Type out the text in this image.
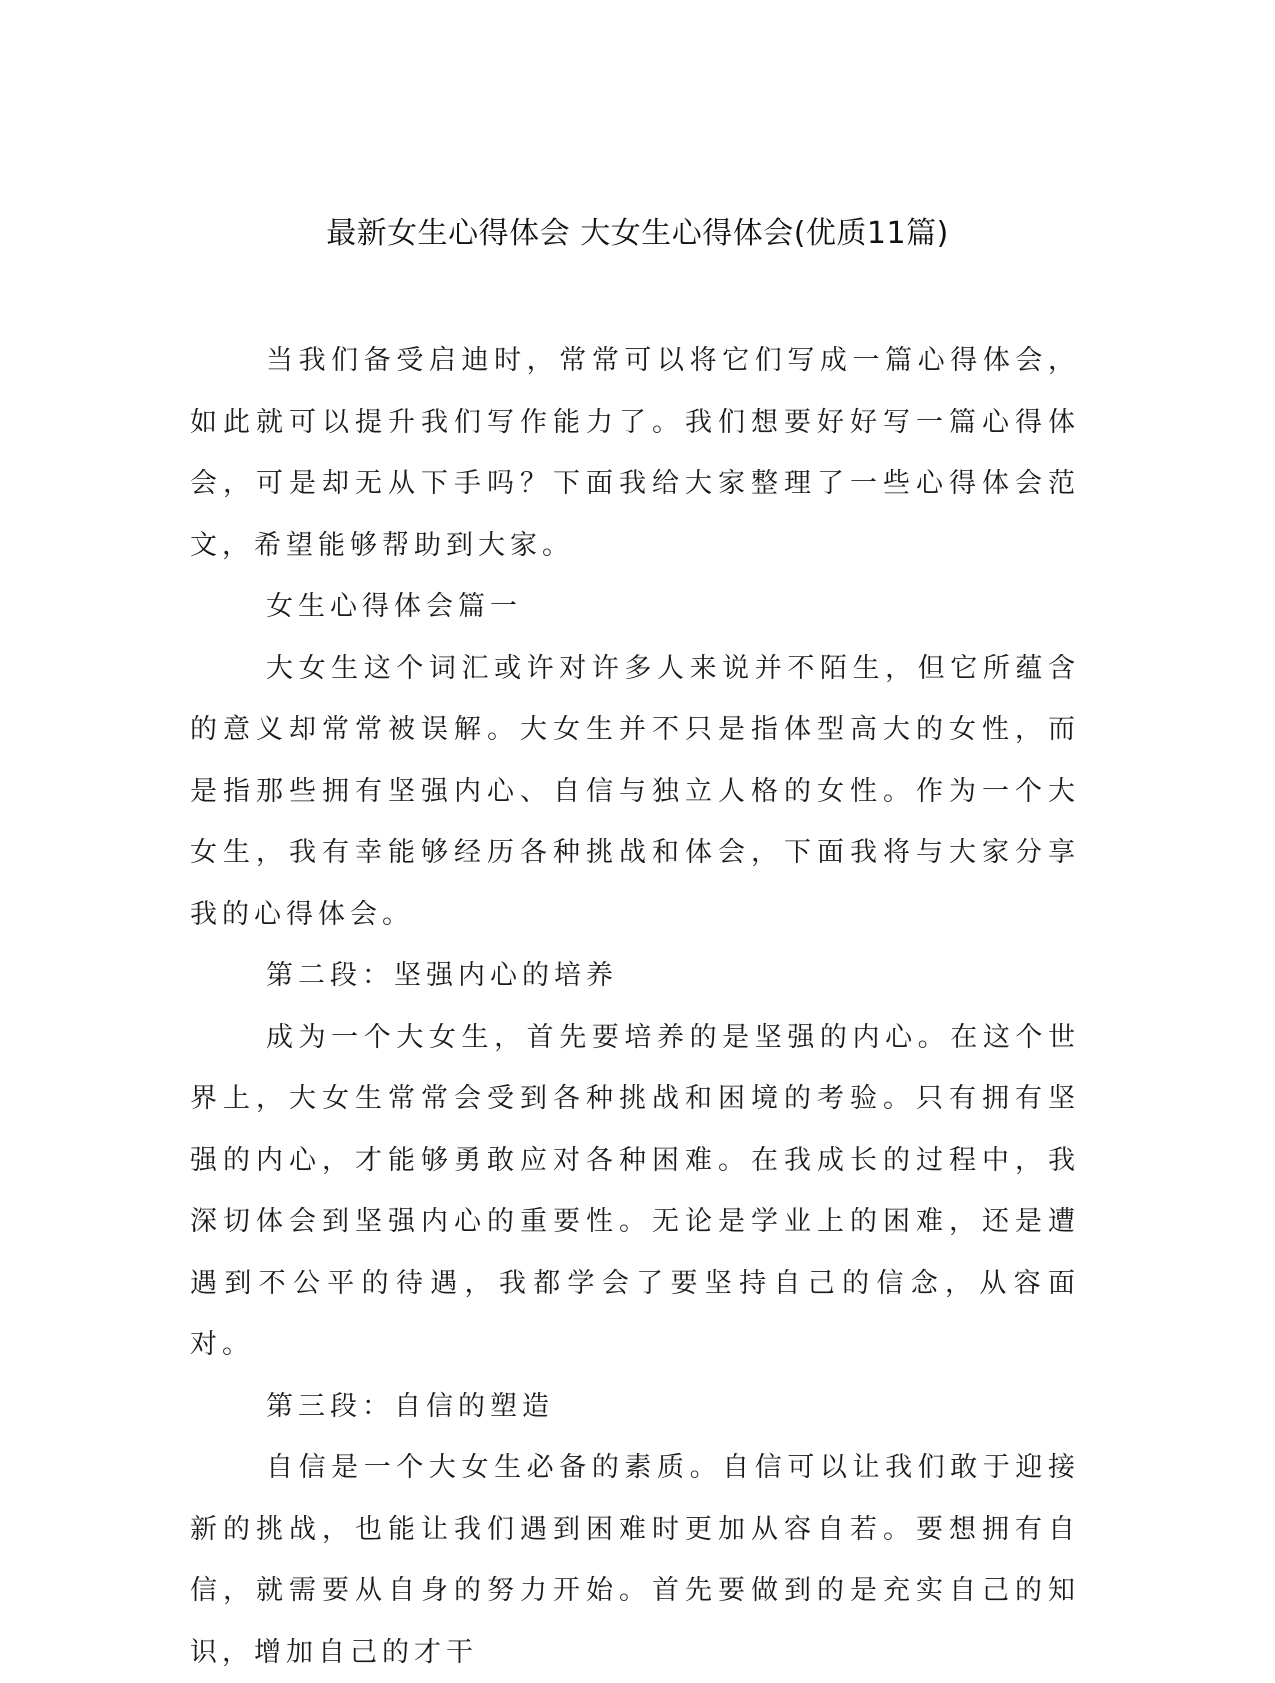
最新女生心得体会 大女生心得体会(优质11篇)

当我们备受启迪时，常常可以将它们写成一篇心得体会，如此就可以提升我们写作能力了。我们想要好好写一篇心得体会，可是却无从下手吗？下面我给大家整理了一些心得体会范文，希望能够帮助到大家。

女生心得体会篇一

大女生这个词汇或许对许多人来说并不陌生，但它所蕴含的意义却常常被误解。大女生并不只是指体型高大的女性，而是指那些拥有坚强内心、自信与独立人格的女性。作为一个大女生，我有幸能够经历各种挑战和体会，下面我将与大家分享我的心得体会。

第二段：坚强内心的培养

成为一个大女生，首先要培养的是坚强的内心。在这个世界上，大女生常常会受到各种挑战和困境的考验。只有拥有坚强的内心，才能够勇敢应对各种困难。在我成长的过程中，我深切体会到坚强内心的重要性。无论是学业上的困难，还是遭遇到不公平的待遇，我都学会了要坚持自己的信念，从容面对。

第三段：自信的塑造

自信是一个大女生必备的素质。自信可以让我们敢于迎接新的挑战，也能让我们遇到困难时更加从容自若。要想拥有自信，就需要从自身的努力开始。首先要做到的是充实自己的知识，增加自己的才干
